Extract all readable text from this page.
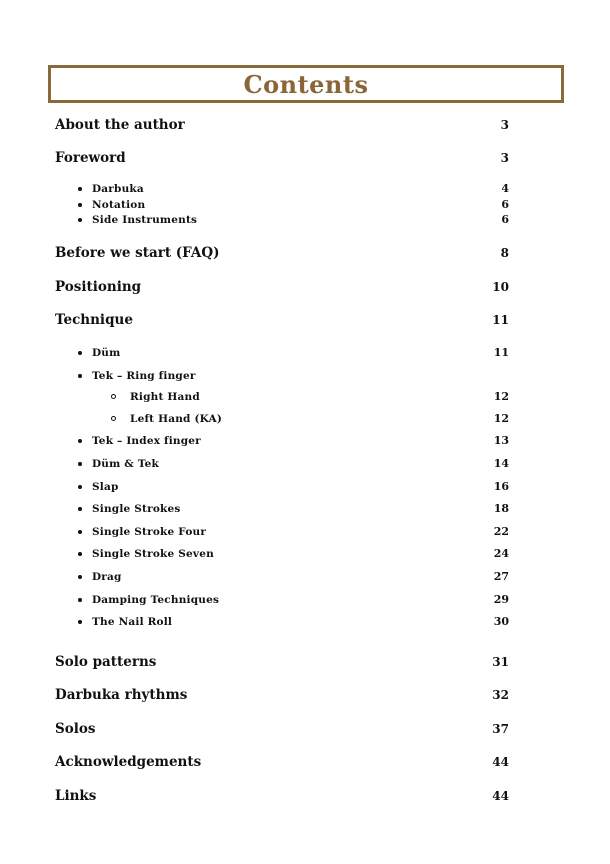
Contents
About the author	3
Foreword	3
Darbuka	4
Notation	6
Side Instruments	6
Before we start (FAQ)	8
Positioning	10
Technique	11
Düm	11
Tek – Ring finger
Right Hand	12
Left Hand (KA)	12
Tek – Index finger	13
Düm & Tek	14
Slap	16
Single Strokes	18
Single Stroke Four	22
Single Stroke Seven	24
Drag	27
Damping Techniques	29
The Nail Roll	30
Solo patterns	31
Darbuka rhythms	32
Solos	37
Acknowledgements	44
Links	44
